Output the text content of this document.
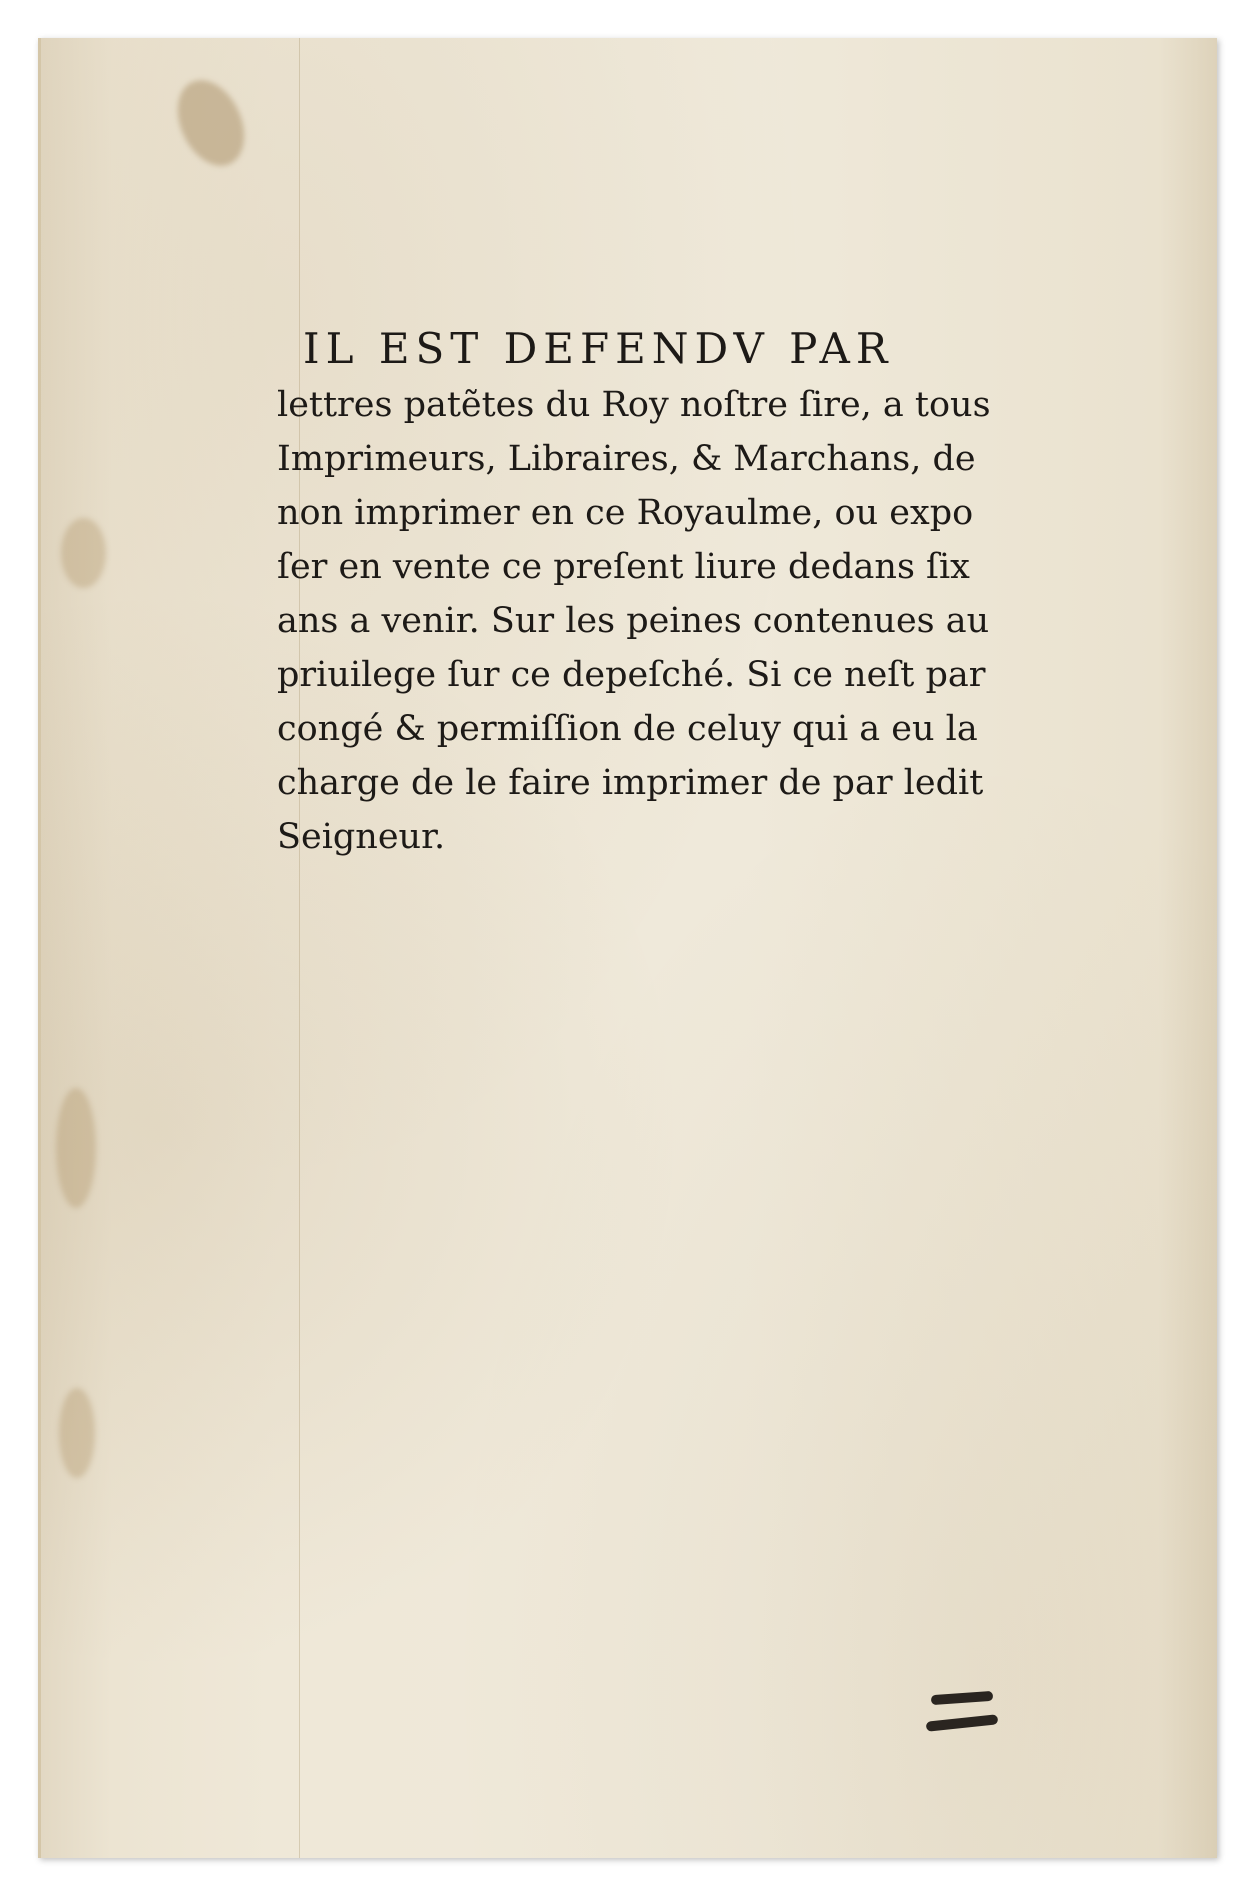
IL EST DEFENDV PAR

lettres patẽtes du Roy noſtre ſire, a tous

Imprimeurs, Libraires, & Marchans, de

non imprimer en ce Royaulme, ou expo

ſer en vente ce preſent liure dedans ſix

ans a venir. Sur les peines contenues au

priuilege ſur ce depeſché. Si ce neſt par

congé & permiſſion de celuy qui a eu la

charge de le faire imprimer de par ledit

Seigneur.
